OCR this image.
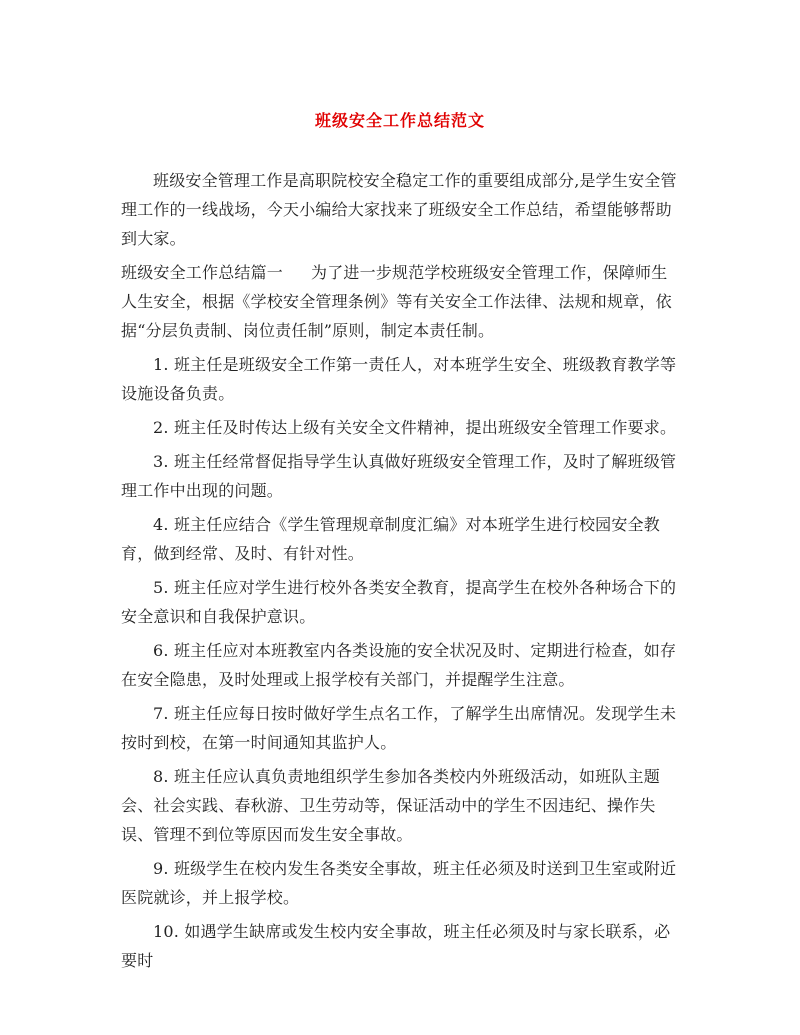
班级安全工作总结范文

班级安全管理工作是高职院校安全稳定工作的重要组成部分,是学生安全管理工作的一线战场，今天小编给大家找来了班级安全工作总结，希望能够帮助到大家。

班级安全工作总结篇一 为了进一步规范学校班级安全管理工作，保障师生人生安全，根据《学校安全管理条例》等有关安全工作法律、法规和规章，依据“分层负责制、岗位责任制”原则，制定本责任制。

1. 班主任是班级安全工作第一责任人，对本班学生安全、班级教育教学等设施设备负责。

2. 班主任及时传达上级有关安全文件精神，提出班级安全管理工作要求。

3. 班主任经常督促指导学生认真做好班级安全管理工作，及时了解班级管理工作中出现的问题。

4. 班主任应结合《学生管理规章制度汇编》对本班学生进行校园安全教育，做到经常、及时、有针对性。

5. 班主任应对学生进行校外各类安全教育，提高学生在校外各种场合下的安全意识和自我保护意识。

6. 班主任应对本班教室内各类设施的安全状况及时、定期进行检查，如存在安全隐患，及时处理或上报学校有关部门，并提醒学生注意。

7. 班主任应每日按时做好学生点名工作，了解学生出席情况。发现学生未按时到校，在第一时间通知其监护人。

8. 班主任应认真负责地组织学生参加各类校内外班级活动，如班队主题会、社会实践、春秋游、卫生劳动等，保证活动中的学生不因违纪、操作失误、管理不到位等原因而发生安全事故。

9. 班级学生在校内发生各类安全事故，班主任必须及时送到卫生室或附近医院就诊，并上报学校。

10. 如遇学生缺席或发生校内安全事故，班主任必须及时与家长联系，必要时
